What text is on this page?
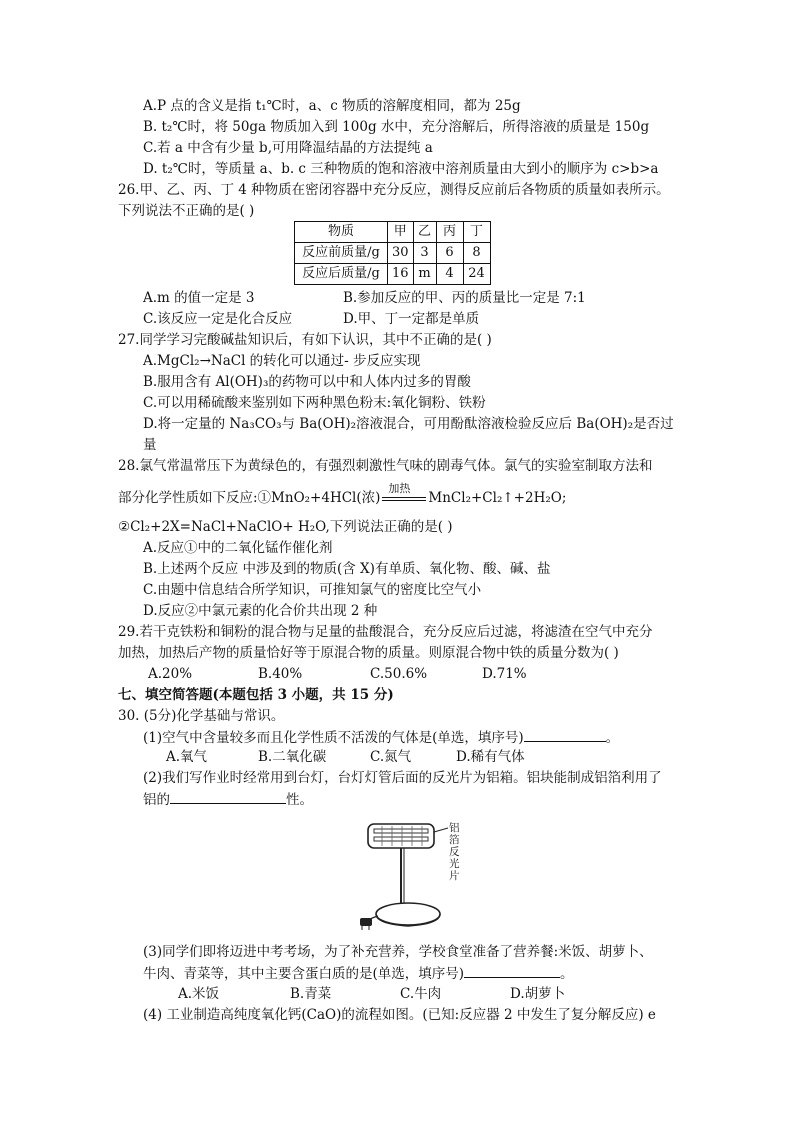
A.P 点的含义是指 t₁℃时，a、c 物质的溶解度相同，都为 25g
B. t₂℃时，将 50ga 物质加入到 100g 水中，充分溶解后，所得溶液的质量是 150g
C.若 a 中含有少量 b,可用降温结晶的方法提纯 a
D. t₂℃时，等质量 a、b. c 三种物质的饱和溶液中溶剂质量由大到小的顺序为 c>b>a
26.甲、乙、丙、丁 4 种物质在密闭容器中充分反应，测得反应前后各物质的质量如表所示。
下列说法不正确的是( )
物质	甲	乙	丙	丁
反应前质量/g	30	3	6	8
反应后质量/g	16	m	4	24
A.m 的值一定是 3	B.参加反应的甲、丙的质量比一定是 7:1
C.该反应一定是化合反应	D.甲、丁一定都是单质
27.同学学习完酸碱盐知识后，有如下认识，其中不正确的是( )
A.MgCl₂→NaCl 的转化可以通过- 步反应实现
B.服用含有 Al(OH)₃的药物可以中和人体内过多的胃酸
C.可以用稀硫酸来鉴别如下两种黑色粉末:氧化铜粉、铁粉
D.将一定量的 Na₃CO₃与 Ba(OH)₂溶液混合，可用酚酞溶液检验反应后 Ba(OH)₂是否过
量
28.氯气常温常压下为黄绿色的，有强烈刺激性气味的剧毒气体。氯气的实验室制取方法和
部分化学性质如下反应:①MnO₂+4HCl(浓)
加热
MnCl₂+Cl₂↑+2H₂O;
②Cl₂+2X=NaCl+NaClO+ H₂O,下列说法正确的是( )
A.反应①中的二氧化锰作催化剂
B.上述两个反应 中涉及到的物质(含 X)有单质、氧化物、酸、碱、盐
C.由题中信息结合所学知识，可推知氯气的密度比空气小
D.反应②中氯元素的化合价共出现 2 种
29.若干克铁粉和铜粉的混合物与足量的盐酸混合，充分反应后过滤，将滤渣在空气中充分
加热，加热后产物的质量恰好等于原混合物的质量。则原混合物中铁的质量分数为( )
A.20%	B.40%	C.50.6%	D.71%
七、填空简答题(本题包括 3 小题，共 15 分)
30. (5分)化学基础与常识。
(1)空气中含量较多而且化学性质不活泼的气体是(单选，填序号)	。
A.氧气	B.二氧化碳	C.氮气	D.稀有气体
(2)我们写作业时经常用到台灯，台灯灯管后面的反光片为铝箱。铝块能制成铝箔利用了
铝的	性。
铝箔反光片
(3)同学们即将迈进中考考场，为了补充营养，学校食堂准备了营养餐:米饭、胡萝卜、
牛肉、青菜等，其中主要含蛋白质的是(单选，填序号)	。
A.米饭	B.青菜	C.牛肉	D.胡萝卜
(4) 工业制造高纯度氧化钙(CaO)的流程如图。(已知:反应器 2 中发生了复分解反应) e
